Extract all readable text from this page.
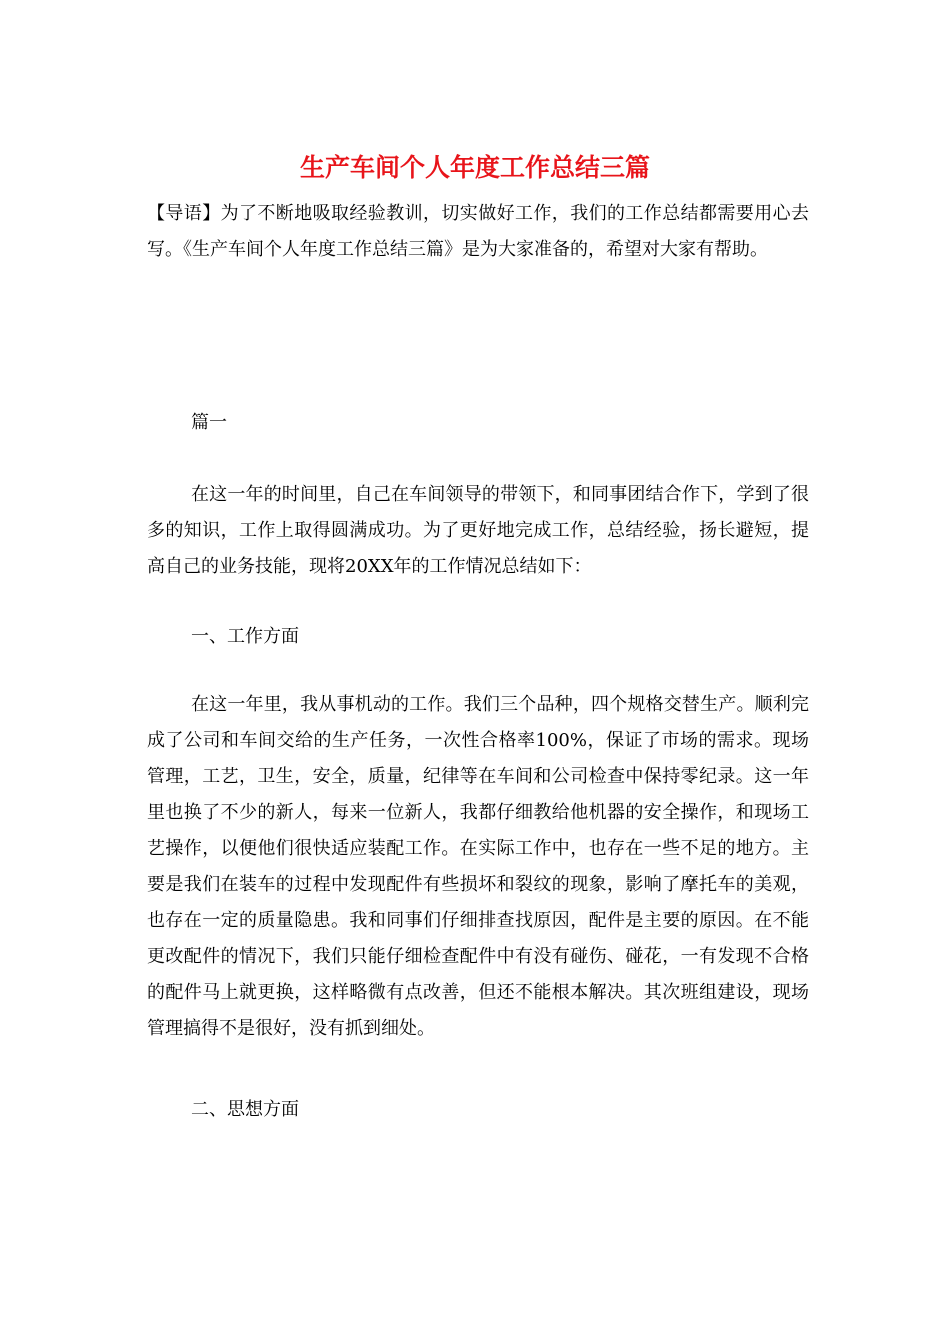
生产车间个人年度工作总结三篇

【导语】为了不断地吸取经验教训，切实做好工作，我们的工作总结都需要用心去写。《生产车间个人年度工作总结三篇》是为大家准备的，希望对大家有帮助。

篇一

在这一年的时间里，自己在车间领导的带领下，和同事团结合作下，学到了很多的知识，工作上取得圆满成功。为了更好地完成工作，总结经验，扬长避短，提高自己的业务技能，现将20XX年的工作情况总结如下：

一、工作方面

在这一年里，我从事机动的工作。我们三个品种，四个规格交替生产。顺利完成了公司和车间交给的生产任务，一次性合格率100%，保证了市场的需求。现场管理，工艺，卫生，安全，质量，纪律等在车间和公司检查中保持零纪录。这一年里也换了不少的新人，每来一位新人，我都仔细教给他机器的安全操作，和现场工艺操作，以便他们很快适应装配工作。在实际工作中，也存在一些不足的地方。主要是我们在装车的过程中发现配件有些损坏和裂纹的现象，影响了摩托车的美观，也存在一定的质量隐患。我和同事们仔细排查找原因，配件是主要的原因。在不能更改配件的情况下，我们只能仔细检查配件中有没有碰伤、碰花，一有发现不合格的配件马上就更换，这样略微有点改善，但还不能根本解决。其次班组建设，现场管理搞得不是很好，没有抓到细处。

二、思想方面
